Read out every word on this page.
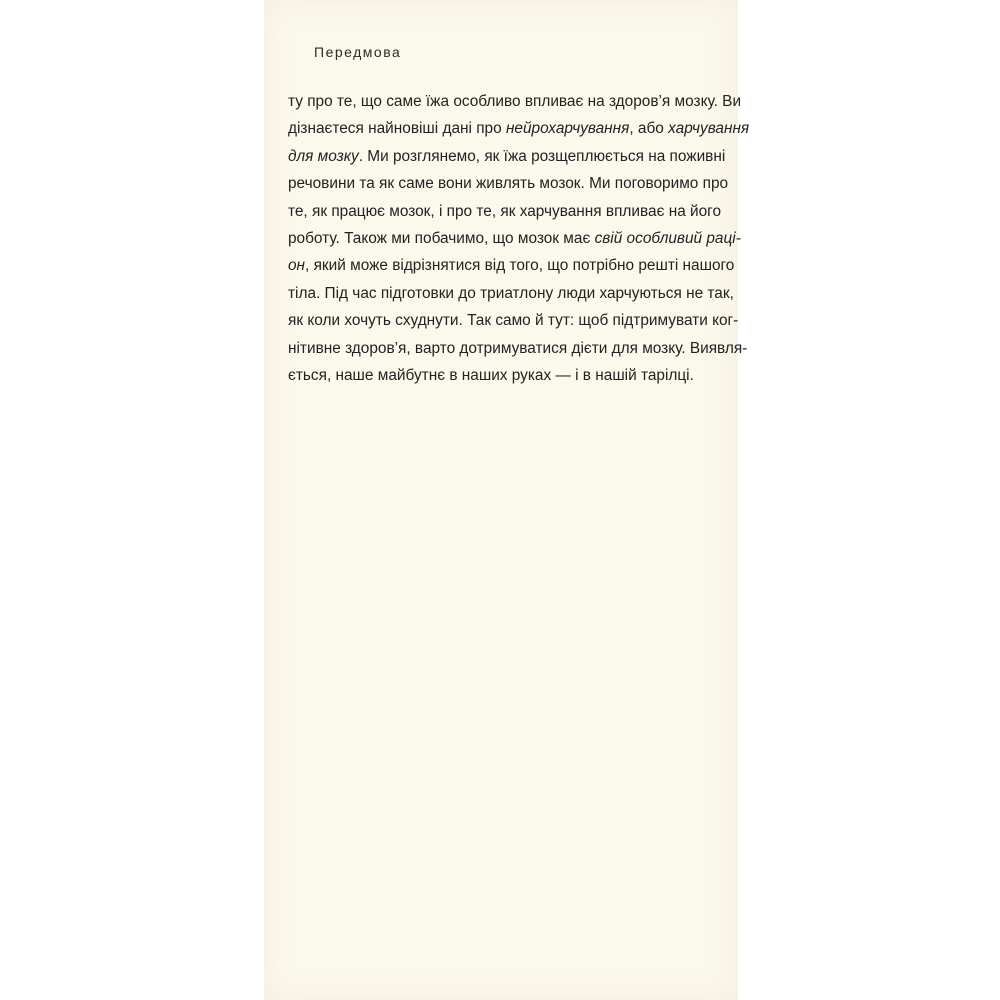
Передмова
ту про те, що саме їжа особливо впливає на здоров’я мозку. Ви
дізнаєтеся найновіші дані про нейрохарчування, або харчування
для мозку. Ми розглянемо, як їжа розщеплюється на поживні
речовини та як саме вони живлять мозок. Ми поговоримо про
те, як працює мозок, і про те, як харчування впливає на його
роботу. Також ми побачимо, що мозок має свій особливий раці-
он, який може відрізнятися від того, що потрібно решті нашого
тіла. Під час підготовки до триатлону люди харчуються не так,
як коли хочуть схуднути. Так само й тут: щоб підтримувати ког-
нітивне здоров’я, варто дотримуватися дієти для мозку. Виявля-
ється, наше майбутнє в наших руках — і в нашій тарілці.
